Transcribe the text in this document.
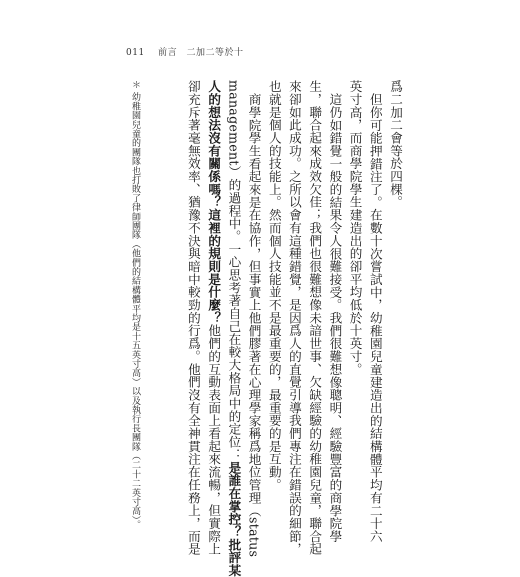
011 前言 二加二等於十

爲二加二會等於四棵。

但你可能押錯注了。在數十次嘗試中，幼稚園兒童建造出的結構體平均有二十六

英寸高，而商學院學生建造出的卻平均低於十英寸。

這仍如錯覺一般的結果令人很難接受。我們很難想像聰明、經驗豐富的商學院學

生，聯合起來成效欠佳；我們也很難想像未諳世事、欠缺經驗的幼稚園兒童，聯合起

來卻如此成功。之所以會有這種錯覺，是因爲人的直覺引導我們專注在錯誤的細節，

也就是個人的技能上。然而個人技能並不是最重要的，最重要的是互動。

商學院學生看起來是在協作，但事實上他們膠著在心理學家稱爲地位管理（status

management）的過程中。一心思考著自己在較大格局中的定位：是誰在掌控？批評某

人的想法沒有關係嗎？這裡的規則是什麼？他們的互動表面上看起來流暢，但實際上

卻充斥著毫無效率、猶豫不決與暗中較勁的行爲。他們沒有全神貫注在任務上，而是

＊ 幼稚園兒童的團隊也打敗了律師團隊（他們的結構體平均是十五英寸高）以及執行長團隊（二十二英寸高）。
